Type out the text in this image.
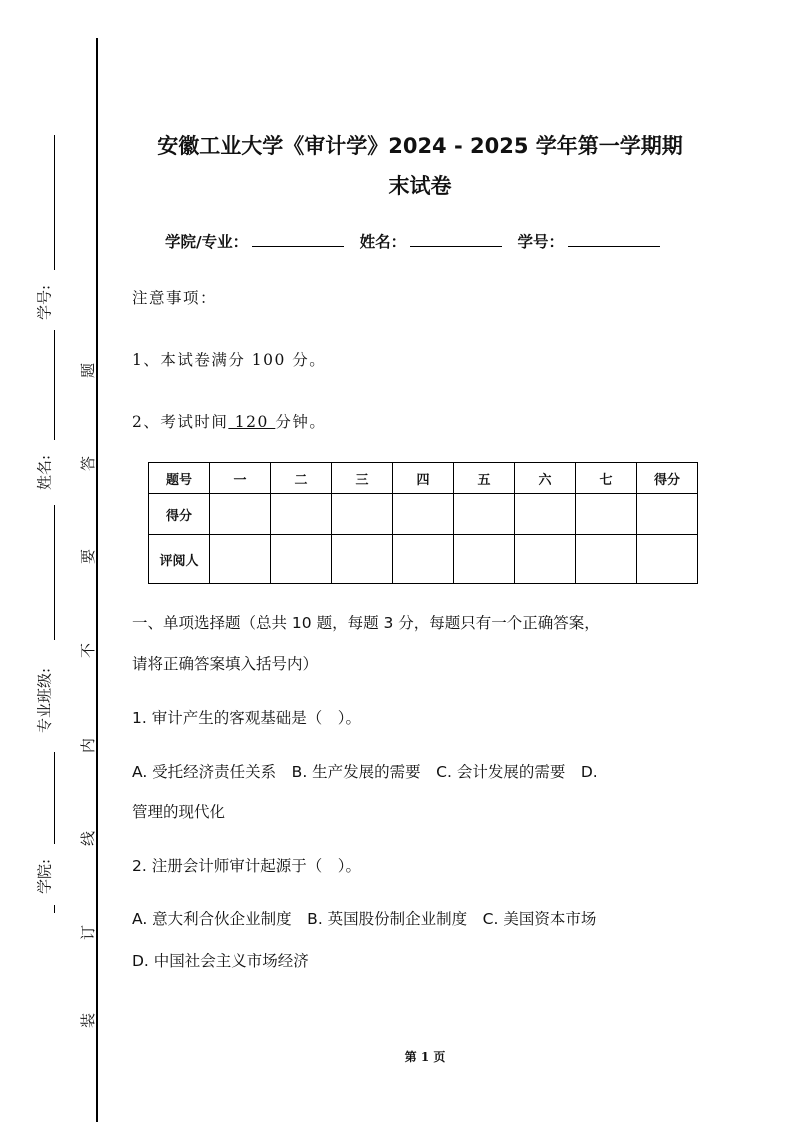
学号:
姓名:
专业班级:
学院:
题
答
要
不
内
线
订
装
安徽工业大学《审计学》2024 - 2025 学年第一学期期
末试卷
学院/专业：	姓名：	学号：
注意事项：
1、本试卷满分 100 分。
2、考试时间 120 分钟。
题号	一	二	三	四	五	六	七	得分
得分								
评阅人								
一、单项选择题（总共 10 题，每题 3 分，每题只有一个正确答案，
请将正确答案填入括号内）
1. 审计产生的客观基础是（　）。
A. 受托经济责任关系　B. 生产发展的需要　C. 会计发展的需要　D.
管理的现代化
2. 注册会计师审计起源于（　）。
A. 意大利合伙企业制度　B. 英国股份制企业制度　C. 美国资本市场
D. 中国社会主义市场经济
第 1 页
